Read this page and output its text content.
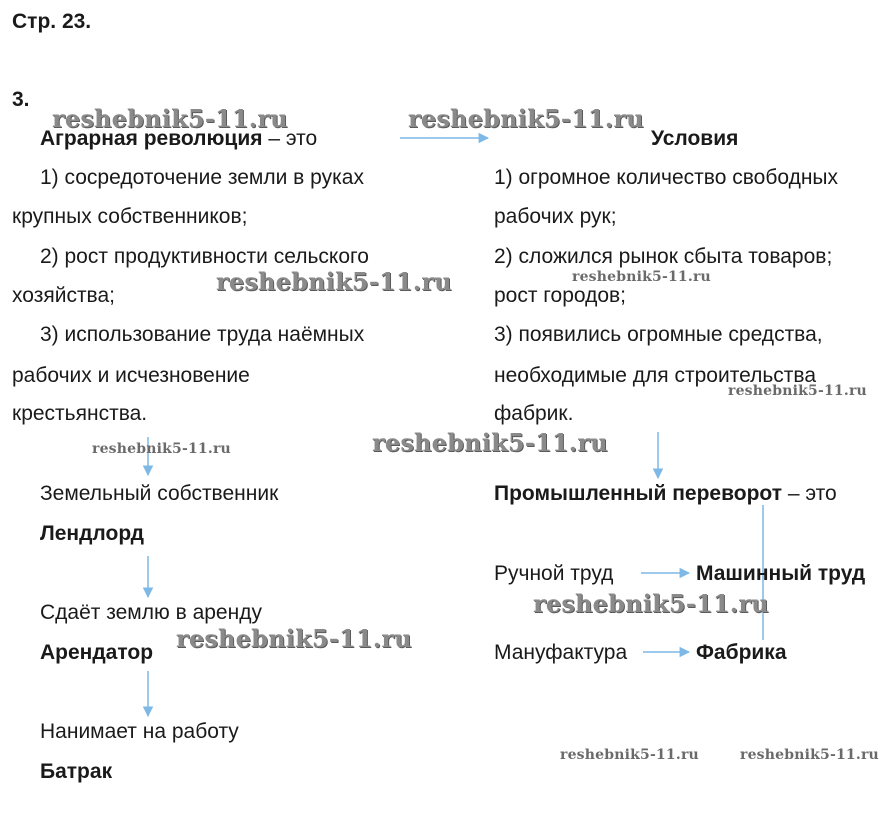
Стр. 23.
3.
Аграрная революция – это
1) сосредоточение земли в руках
крупных собственников;
2) рост продуктивности сельского
хозяйства;
3) использование труда наёмных
рабочих и исчезновение
крестьянства.
Земельный собственник
Лендлорд
Сдаёт землю в аренду
Арендатор
Нанимает на работу
Батрак
Условия
1) огромное количество свободных
рабочих рук;
2) сложился рынок сбыта товаров;
рост городов;
3) появились огромные средства,
необходимые для строительства
фабрик.
Промышленный переворот – это
Ручной труд	Машинный труд
Мануфактура	Фабрика
reshebnik5-11.ru	reshebnik5-11.ru
reshebnik5-11.ru	reshebnik5-11.ru
reshebnik5-11.ru
reshebnik5-11.ru	reshebnik5-11.ru
reshebnik5-11.ru
reshebnik5-11.ru
reshebnik5-11.ru	reshebnik5-11.ru
